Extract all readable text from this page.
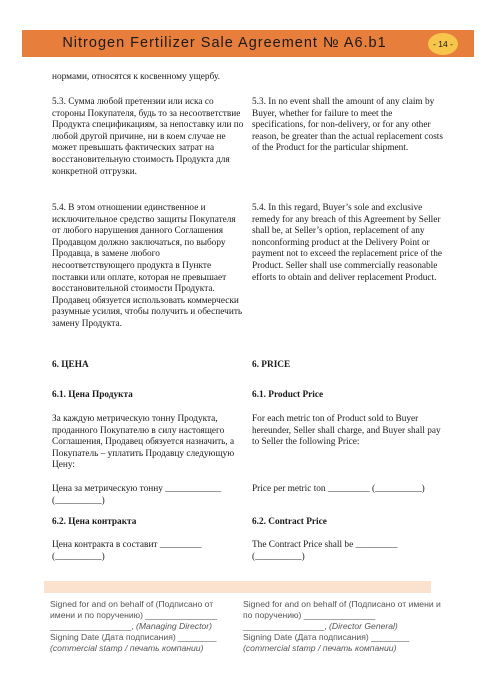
Nitrogen Fertilizer Sale Agreement № A6.b1	- 14 -
нормами, относятся к косвенному ущербу.
5.3. Сумма любой претензии или иска со стороны Покупателя, будь то за несоответствие Продукта спецификациям, за непоставку или по любой другой причине, ни в коем случае не может превышать фактических затрат на восстановительную стоимость Продукта для конкретной отгрузки.
5.3. In no event shall the amount of any claim by Buyer, whether for failure to meet the specifications, for non-delivery, or for any other reason, be greater than the actual replacement costs of the Product for the particular shipment.
5.4. В этом отношении единственное и исключительное средство защиты Покупателя от любого нарушения данного Соглашения Продавцом должно заключаться, по выбору Продавца, в замене любого несоответствующего продукта в Пункте поставки или оплате, которая не превышает восстановительной стоимости Продукта. Продавец обязуется использовать коммерчески разумные усилия, чтобы получить и обеспечить замену Продукта.
5.4. In this regard, Buyer’s sole and exclusive remedy for any breach of this Agreement by Seller shall be, at Seller’s option, replacement of any nonconforming product at the Delivery Point or payment not to exceed the replacement price of the Product. Seller shall use commercially reasonable efforts to obtain and deliver replacement Product.
6. ЦЕНА	6. PRICE
6.1. Цена Продукта	6.1. Product Price
За каждую метрическую тонну Продукта, проданного Покупателю в силу настоящего Соглашения, Продавец обязуется назначить, а Покупатель – уплатить Продавцу следующую Цену:
For each metric ton of Product sold to Buyer hereunder, Seller shall charge, and Buyer shall pay to Seller the following Price:
Цена за метрическую тонну ____________ (__________)
Price per metric ton _________ (__________)
6.2. Цена контракта	6.2. Contract Price
Цена контракта в составит _________ (__________)
The Contract Price shall be _________ (__________)
Signed for and on behalf of (Подписано от имени и по поручению) _______________
_________________, (Managing Director)
Signing Date (Дата подписания) ________
(commercial stamp / печать компании)
Signed for and on behalf of (Подписано от имени и по поручению) _______________
_________________, (Director General)
Signing Date (Дата подписания) ________
(commercial stamp / печать компании)
